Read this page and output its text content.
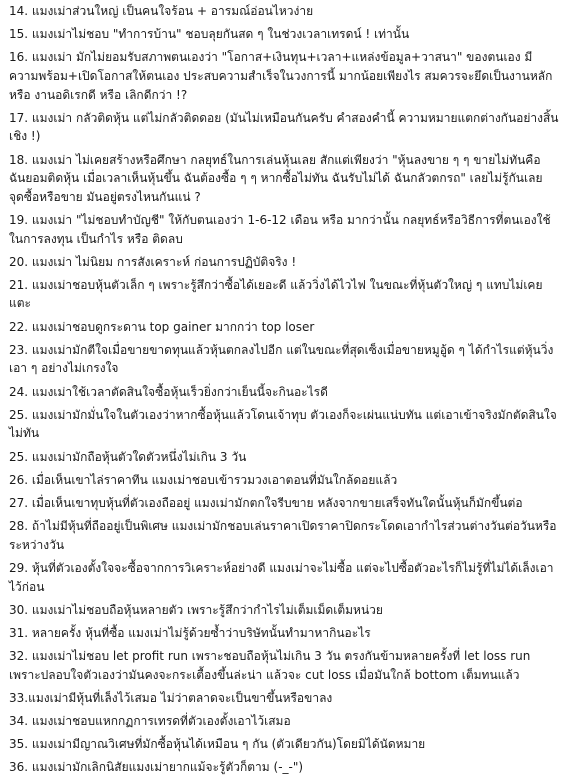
14. แมงเม่าส่วนใหญ่ เป็นคนใจร้อน + อารมณ์อ่อนไหวง่าย
15. แมงเม่าไม่ชอบ "ทำการบ้าน" ชอบลุยกันสด ๆ ในช่วงเวลาเทรดน์ ! เท่านั้น
16. แมงเม่า มักไม่ยอมรับสภาพตนเองว่า "โอกาส+เงินทุน+เวลา+แหล่งข้อมูล+วาสนา" ของตนเอง มีความพร้อม+เปิดโอกาสให้ตนเอง ประสบความสำเร็จในวงการนี้ มากน้อยเพียงไร สมควรจะยึดเป็นงานหลัก หรือ งานอดิเรกดี หรือ เลิกดีกว่า !?
17. แมงเม่า กลัวติดหุ้น แต่ไม่กลัวติดดอย (มันไม่เหมือนกันครับ คำสองคำนี้ ความหมายแตกต่างกันอย่างสิ้นเชิง !)
18. แมงเม่า ไม่เคยสร้างหรือศึกษา กลยุทธ์ในการเล่นหุ้นเลย สักแต่เพียงว่า "หุ้นลงขาย ๆ ๆ ขายไม่ทันคือ ฉันยอมติดหุ้น เมื่อเวลาเห็นหุ้นขึ้น ฉันต้องซื้อ ๆ ๆ หากซื้อไม่ทัน ฉันรับไม่ได้ ฉันกลัวตกรถ" เลยไม่รู้กันเลย จุดซื้อหรือขาย มันอยู่ตรงไหนกันแน่ ?
19. แมงเม่า "ไม่ชอบทำบัญชี" ให้กับตนเองว่า 1-6-12 เดือน หรือ มากว่านั้น กลยุทธ์หรือวิธีการที่ตนเองใช้ในการลงทุน เป็นกำไร หรือ ติดลบ
20. แมงเม่า ไม่นิยม การสังเคราะห์ ก่อนการปฏิบัติจริง !
21. แมงเม่าชอบหุ้นตัวเล็ก ๆ เพราะรู้สึกว่าซื้อได้เยอะดี แล้ววิ่งได้ไวไฟ ในขณะที่หุ้นตัวใหญ่ ๆ แทบไม่เคยแตะ
22. แมงเม่าชอบดูกระดาน top gainer มากกว่า top loser
23. แมงเม่ามักตีใจเมื่อขายขาดทุนแล้วหุ้นตกลงไปอีก แต่ในขณะที่สุดเซ็งเมื่อขายหมูอู้ด ๆ ได้กำไรแต่หุ้นวิ่งเอา ๆ อย่างไม่เกรงใจ
24. แมงเม่าใช้เวลาตัดสินใจซื้อหุ้นเร็วยิ่งกว่าเย็นนี้จะกินอะไรดี
25. แมงเม่ามักมั่นใจในตัวเองว่าหากซื้อหุ้นแล้วโดนเจ้าทุบ ตัวเองก็จะเผ่นแน่บทัน แต่เอาเข้าจริงมักตัดสินใจไม่ทัน
25. แมงเม่ามักถือหุ้นตัวใดตัวหนึ่งไม่เกิน 3 วัน
26. เมื่อเห็นเขาไล่ราคาทีน แมงเม่าชอบเข้ารวมวงเอาตอนที่มันใกล้ดอยแล้ว
27. เมื่อเห็นเขาทุบหุ้นที่ตัวเองถืออยู่ แมงเม่ามักตกใจรีบขาย หลังจากขายเสร็จทันใดนั้นหุ้นก็มักขึ้นต่อ
28. ถ้าไม่มีหุ้นที่ถืออยู่เป็นพิเศษ แมงเม่ามักชอบเล่นราคาเปิดราคาปิดกระโดดเอากำไรส่วนต่างวันต่อวันหรือระหว่างวัน
29. หุ้นที่ตัวเองตั้งใจจะซื้อจากการวิเคราะห์อย่างดี แมงเม่าจะไม่ซื้อ แต่จะไปซื้อตัวอะไรก็ไม่รู้ที่ไม่ได้เล็งเอาไว้ก่อน
30. แมงเม่าไม่ชอบถือหุ้นหลายตัว เพราะรู้สึกว่ากำไรไม่เต็มเม็ดเต็มหน่วย
31. หลายครั้ง หุ้นที่ซื้อ แมงเม่าไม่รู้ด้วยซ้ำว่าบริษัทนั้นทำมาหากินอะไร
32. แมงเม่าไม่ชอบ let profit run เพราะชอบถือหุ้นไม่เกิน 3 วัน ตรงกันข้ามหลายครั้งที่ let loss run เพราะปลอบใจตัวเองว่ามันคงจะกระเตื้องขึ้นล่ะน่า แล้วจะ cut loss เมื่อมันใกล้ bottom เต็มทนแล้ว
33.แมงเม่ามีหุ้นที่เล็งไว้เสมอ ไม่ว่าตลาดจะเป็นขาขึ้นหรือขาลง
34. แมงเม่าชอบแหกกฏการเทรดที่ตัวเองตั้งเอาไว้เสมอ
35. แมงเม่ามีญาณวิเศษที่มักซื้อหุ้นได้เหมือน ๆ กัน (ตัวเดียวกัน)โดยมิได้นัดหมาย
36. แมงเม่ามักเลิกนิสัยแมงเม่ายากแม้จะรู้ตัวก็ตาม (-_-")
